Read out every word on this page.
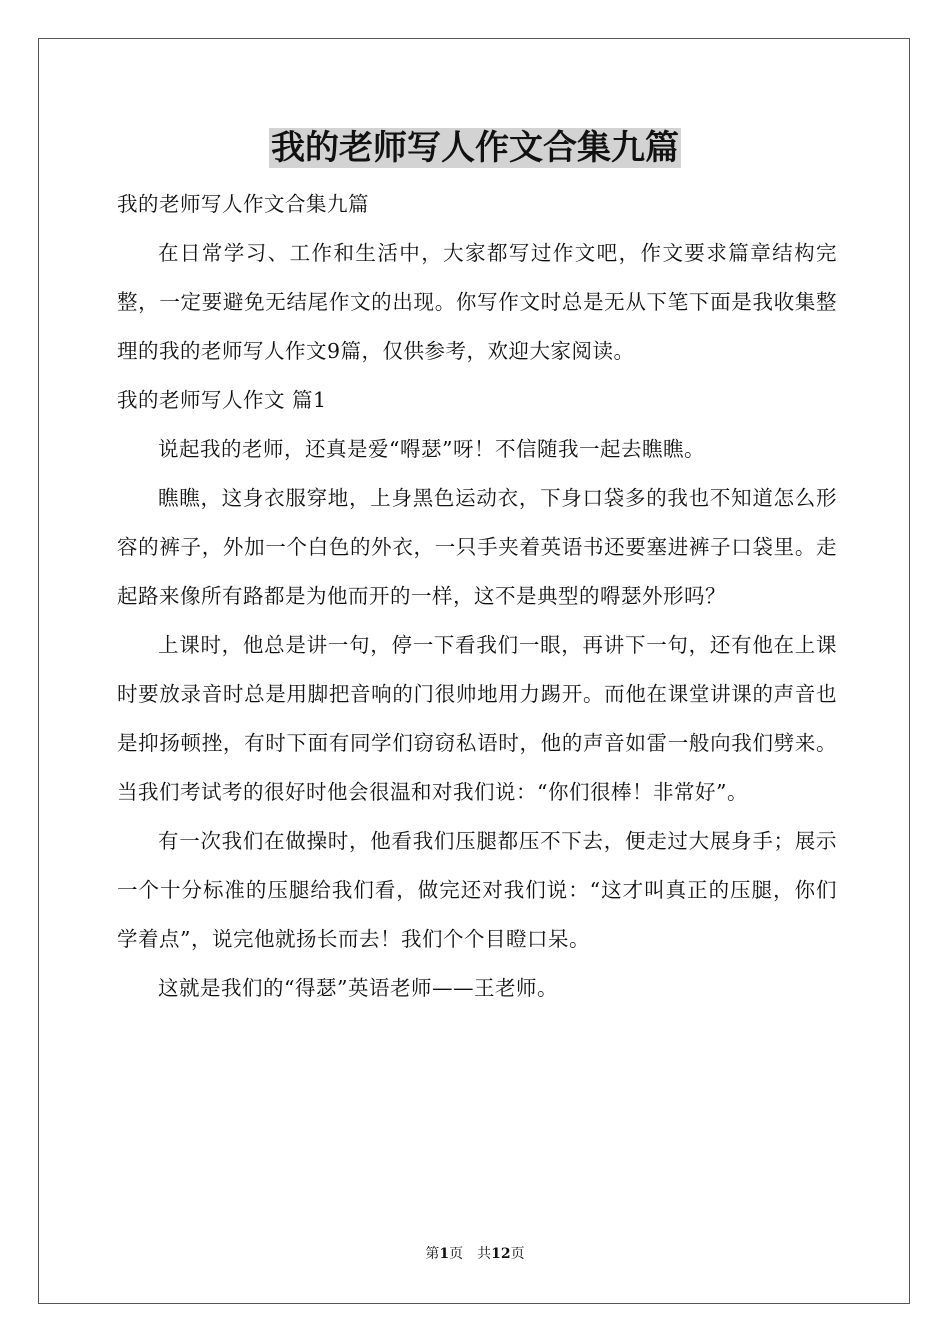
我的老师写人作文合集九篇

我的老师写人作文合集九篇

在日常学习、工作和生活中，大家都写过作文吧，作文要求篇章结构完整，一定要避免无结尾作文的出现。你写作文时总是无从下笔下面是我收集整理的我的老师写人作文9篇，仅供参考，欢迎大家阅读。

我的老师写人作文 篇1

说起我的老师，还真是爱“嘚瑟”呀！不信随我一起去瞧瞧。

瞧瞧，这身衣服穿地，上身黑色运动衣，下身口袋多的我也不知道怎么形容的裤子，外加一个白色的外衣，一只手夹着英语书还要塞进裤子口袋里。走起路来像所有路都是为他而开的一样，这不是典型的嘚瑟外形吗？

上课时，他总是讲一句，停一下看我们一眼，再讲下一句，还有他在上课时要放录音时总是用脚把音响的门很帅地用力踢开。而他在课堂讲课的声音也是抑扬顿挫，有时下面有同学们窃窃私语时，他的声音如雷一般向我们劈来。当我们考试考的很好时他会很温和对我们说：“你们很棒！非常好”。

有一次我们在做操时，他看我们压腿都压不下去，便走过大展身手；展示一个十分标准的压腿给我们看，做完还对我们说：“这才叫真正的压腿，你们学着点”，说完他就扬长而去！我们个个目瞪口呆。

这就是我们的“得瑟”英语老师——王老师。

第1页　共12页
